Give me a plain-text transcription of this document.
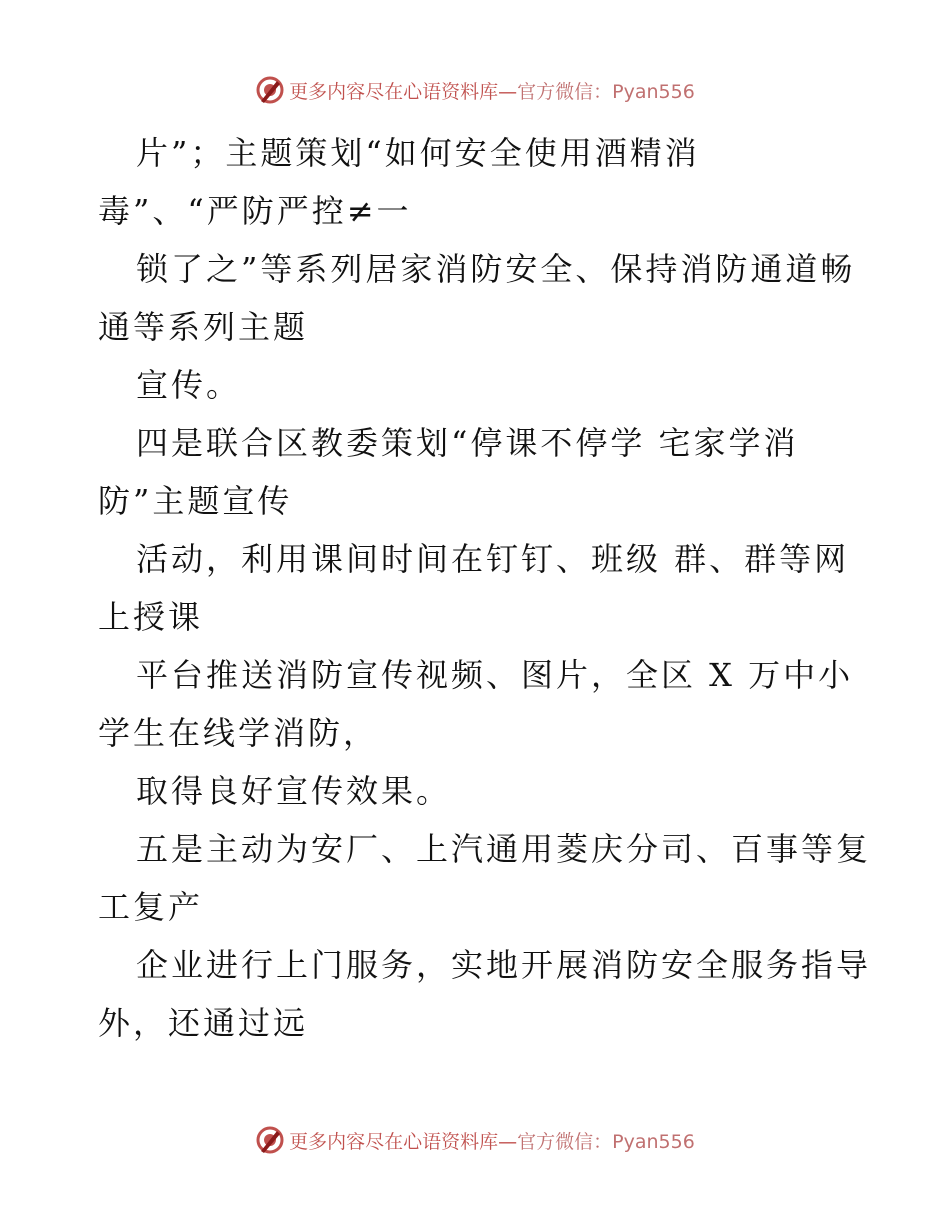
更多内容尽在心语资料库—官方微信：Pyan556
片”；主题策划“如何安全使用酒精消
毒”、“严防严控≠一
锁了之”等系列居家消防安全、保持消防通道畅
通等系列主题
宣传。
四是联合区教委策划“停课不停学 宅家学消
防”主题宣传
活动，利用课间时间在钉钉、班级 群、群等网
上授课
平台推送消防宣传视频、图片，全区 X 万中小
学生在线学消防，
取得良好宣传效果。
五是主动为安厂、上汽通用菱庆分司、百事等复
工复产
企业进行上门服务，实地开展消防安全服务指导
外，还通过远
更多内容尽在心语资料库—官方微信：Pyan556
